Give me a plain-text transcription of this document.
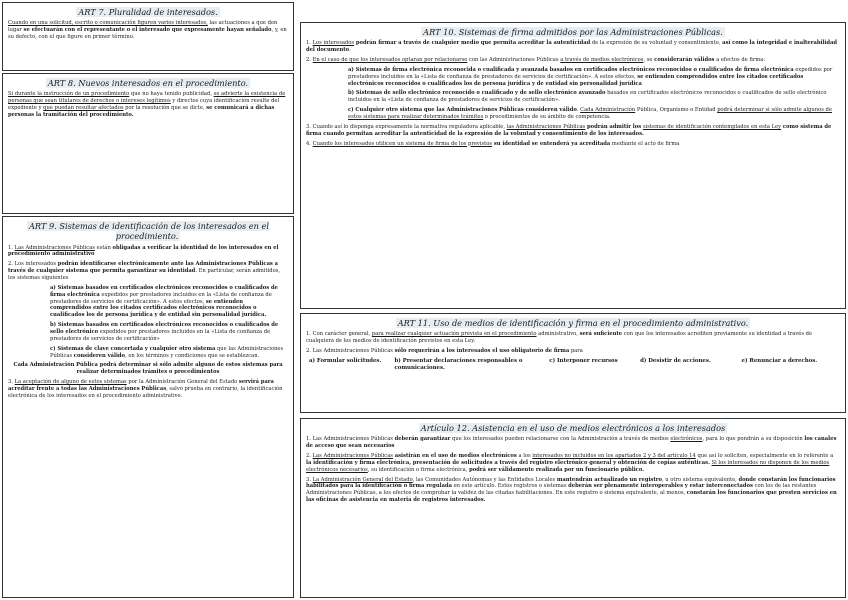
ART 7. Pluralidad de interesados.

Cuando en una solicitud, escrito o comunicación figuren varios interesados, las actuaciones a que den lugar se efectuarán con el representante o el interesado que expresamente hayan señalado, y, en su defecto, con el que figure en primer término.

ART 8. Nuevos interesados en el procedimiento.

Si durante la instrucción de un procedimiento que no haya tenido publicidad, se advierte la existencia de personas que sean titulares de derechos o intereses legítimos y directos cuya identificación resulte del expediente y que puedan resultar afectados por la resolución que se dicte, se comunicará a dichas personas la tramitación del procedimiento.

ART 9. Sistemas de identificación de los interesados en el procedimiento.

1. Las Administraciones Públicas están obligadas a verificar la identidad de los interesados en el procedimiento administrativo

2. Los interesados podrán identificarse electrónicamente ante las Administraciones Públicas a través de cualquier sistema que permita garantizar su identidad. En particular, serán admitidos, los sistemas siguientes

a) Sistemas basados en certificados electrónicos reconocidos o cualificados de firma electrónica expedidos por prestadores incluidos en la «Lista de confianza de prestadores de servicios de certificación». A estos efectos, se entienden comprendidos entre los citados certificados electrónicos reconocidos o cualificados los de persona jurídica y de entidad sin personalidad jurídica.

b) Sistemas basados en certificados electrónicos reconocidos o cualificados de sello electrónico expedidos por prestadores incluidos en la «Lista de confianza de prestadores de servicios de certificación»

c) Sistemas de clave concertada y cualquier otro sistema que las Administraciones Públicas consideren válido, en los términos y condiciones que se establezcan.

Cada Administración Pública podrá determinar si sólo admite alguno de estos sistemas para realizar determinados trámites o procedimientos

3. La aceptación de alguno de estos sistemas por la Administración General del Estado servirá para acreditar frente a todas las Administraciones Públicas, salvo prueba en contrario, la identificación electrónica de los interesados en el procedimiento administrativo.

ART 10. Sistemas de firma admitidos por las Administraciones Públicas.

1. Los interesados podrán firmar a través de cualquier medio que permita acreditar la autenticidad de la expresión de su voluntad y consentimiento, así como la integridad e inalterabilidad del documento.

2. En el caso de que los interesados optaran por relacionarse con las Administraciones Públicas a través de medios electrónicos, se considerarán válidos a efectos de firma:

a) Sistemas de firma electrónica reconocida o cualificada y avanzada basados en certificados electrónicos reconocidos o cualificados de firma electrónica expedidos por prestadores incluidos en la «Lista de confianza de prestadores de servicios de certificación». A estos efectos, se entienden comprendidos entre los citados certificados electrónicos reconocidos o cualificados los de persona jurídica y de entidad sin personalidad jurídica

b) Sistemas de sello electrónico reconocido o cualificado y de sello electrónico avanzado basados en certificados electrónicos reconocidos o cualificados de sello electrónico incluidos en la «Lista de confianza de prestadores de servicios de certificación».

c) Cualquier otro sistema que las Administraciones Públicas consideren válido. Cada Administración Pública, Organismo o Entidad podrá determinar si sólo admite algunos de estos sistemas para realizar determinados trámites o procedimientos de su ámbito de competencia.

3. Cuando así lo disponga expresamente la normativa reguladora aplicable, las Administraciones Públicas podrán admitir los sistemas de identificación contemplados en esta Ley como sistema de firma cuando permitan acreditar la autenticidad de la expresión de la voluntad y consentimiento de los interesados.

4. Cuando los interesados utilicen un sistema de firma de los previstos su identidad se entenderá ya acreditada mediante el acto de firma

ART 11. Uso de medios de identificación y firma en el procedimiento administrativo.

1. Con carácter general, para realizar cualquier actuación prevista en el procedimiento administrativo, será suficiente con que los interesados acrediten previamente su identidad a través de cualquiera de los medios de identificación previstos en esta Ley.

2. Las Administraciones Públicas sólo requerirán a los interesados el uso obligatorio de firma para

a) Formular solicitudes.	b) Presentar declaraciones responsables o comunicaciones.	c) Interponer recursos	d) Desistir de acciones.	e) Renunciar a derechos.
Artículo 12. Asistencia en el uso de medios electrónicos a los interesados

1. Las Administraciones Públicas deberán garantizar que los interesados pueden relacionarse con la Administración a través de medios electrónicos, para lo que pondrán a su disposición los canales de acceso que sean necesarios

2. Las Administraciones Públicas asistirán en el uso de medios electrónicos a los interesados no incluidos en los apartados 2 y 3 del artículo 14 que así lo soliciten, especialmente en lo referente a la identificación y firma electrónica, presentación de solicitudes a través del registro electrónico general y obtención de copias auténticas. Si los interesados no disponen de los medios electrónicos necesarios, su identificación o firma electrónica, podrá ser válidamente realizada por un funcionario público.

3. La Administración General del Estado, las Comunidades Autónomas y las Entidades Locales mantendrán actualizado un registro, u otro sistema equivalente, donde constarán los funcionarios habilitados para la identificación o firma regulada en este artículo. Estos registros o sistemas deberán ser plenamente interoperables y estar interconectados con los de las restantes Administraciones Públicas, a los efectos de comprobar la validez de las citadas habilitaciones. En este registro o sistema equivalente, al menos, constarán los funcionarios que presten servicios en las oficinas de asistencia en materia de registros interesados.
